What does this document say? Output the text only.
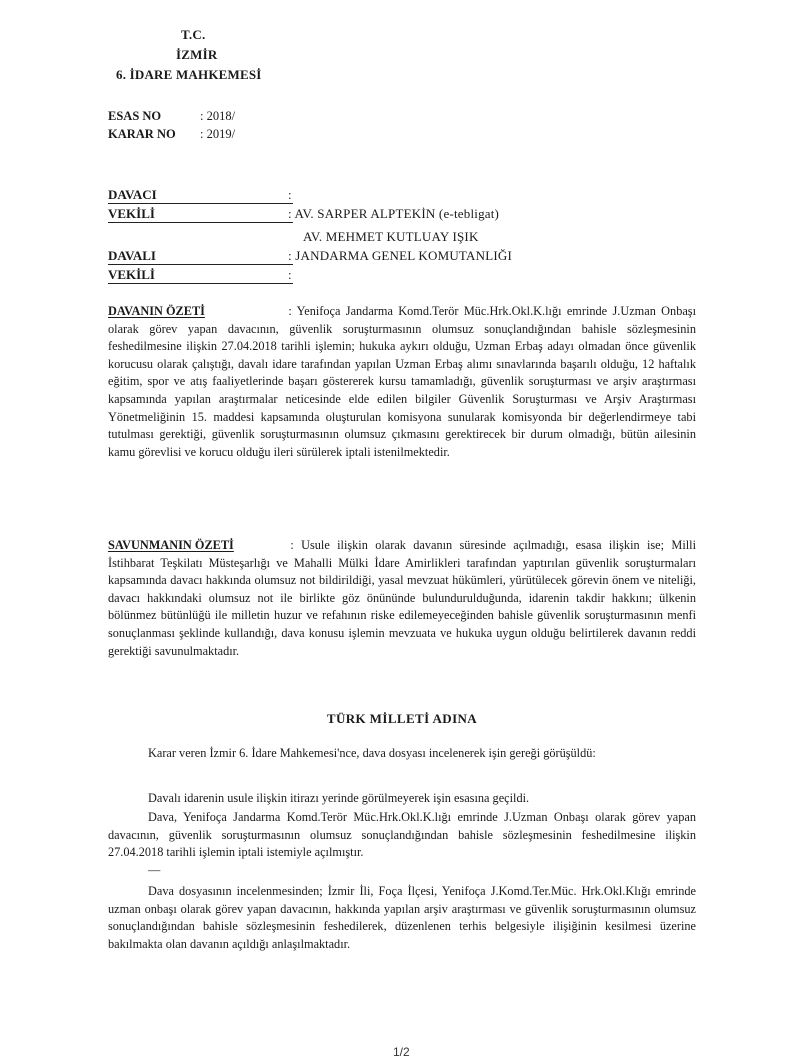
T.C.
İZMİR
6. İDARE MAHKEMESİ
ESAS NO	: 2018/
KARAR NO : 2019/
DAVACI	:
VEKİLİ	: AV. SARPER ALPTEKİN (e-tebligat)
AV. MEHMET KUTLUAY IŞIK
DAVALI	: JANDARMA GENEL KOMUTANLIĞI
VEKİLİ	:

DAVANIN ÖZETİ	: Yenifoça Jandarma Komd.Terör Müc.Hrk.Okl.K.lığı emrinde J.Uzman Onbaşı olarak görev yapan davacının, güvenlik soruşturmasının olumsuz sonuçlandığından bahisle sözleşmesinin feshedilmesine ilişkin 27.04.2018 tarihli işlemin; hukuka aykırı olduğu, Uzman Erbaş adayı olmadan önce güvenlik korucusu olarak çalıştığı, davalı idare tarafından yapılan Uzman Erbaş alımı sınavlarında başarılı olduğu, 12 haftalık eğitim, spor ve atış faaliyetlerinde başarı göstererek kursu tamamladığı, güvenlik soruşturması ve arşiv araştırması kapsamında yapılan araştırmalar neticesinde elde edilen bilgiler Güvenlik Soruşturması ve Arşiv Araştırması Yönetmeliğinin 15. maddesi kapsamında oluşturulan komisyona sunularak komisyonda bir değerlendirmeye tabi tutulması gerektiği, güvenlik soruşturmasının olumsuz çıkmasını gerektirecek bir durum olmadığı, bütün ailesinin kamu görevlisi ve korucu olduğu ileri sürülerek iptali istenilmektedir.

SAVUNMANIN ÖZETİ	: Usule ilişkin olarak davanın süresinde açılmadığı, esasa ilişkin ise; Milli İstihbarat Teşkilatı Müsteşarlığı ve Mahalli Mülki İdare Amirlikleri tarafından yaptırılan güvenlik soruşturmaları kapsamında davacı hakkında olumsuz not bildirildiği, yasal mevzuat hükümleri, yürütülecek görevin önem ve niteliği, davacı hakkındaki olumsuz not ile birlikte göz önününde bulundurulduğunda, idarenin takdir hakkını; ülkenin bölünmez bütünlüğü ile milletin huzur ve refahının riske edilemeyeceğinden bahisle güvenlik soruşturmasının menfi sonuçlanması şeklinde kullandığı, dava konusu işlemin mevzuata ve hukuka uygun olduğu belirtilerek davanın reddi gerektiği savunulmaktadır.

TÜRK MİLLETİ ADINA

Karar veren İzmir 6. İdare Mahkemesi'nce, dava dosyası incelenerek işin gereği görüşüldü:

Davalı idarenin usule ilişkin itirazı yerinde görülmeyerek işin esasına geçildi.

Dava, Yenifoça Jandarma Komd.Terör Müc.Hrk.Okl.K.lığı emrinde J.Uzman Onbaşı olarak görev yapan davacının, güvenlik soruşturmasının olumsuz sonuçlandığından bahisle sözleşmesinin feshedilmesine ilişkin 27.04.2018 tarihli işlemin iptali istemiyle açılmıştır.

—

Dava dosyasının incelenmesinden; İzmir İli, Foça İlçesi, Yenifoça J.Komd.Ter.Müc. Hrk.Okl.Klığı emrinde uzman onbaşı olarak görev yapan davacının, hakkında yapılan arşiv araştırması ve güvenlik soruşturmasının olumsuz sonuçlandığından bahisle sözleşmesinin feshedilerek, düzenlenen terhis belgesiyle ilişiğinin kesilmesi üzerine bakılmakta olan davanın açıldığı anlaşılmaktadır.

1/2
